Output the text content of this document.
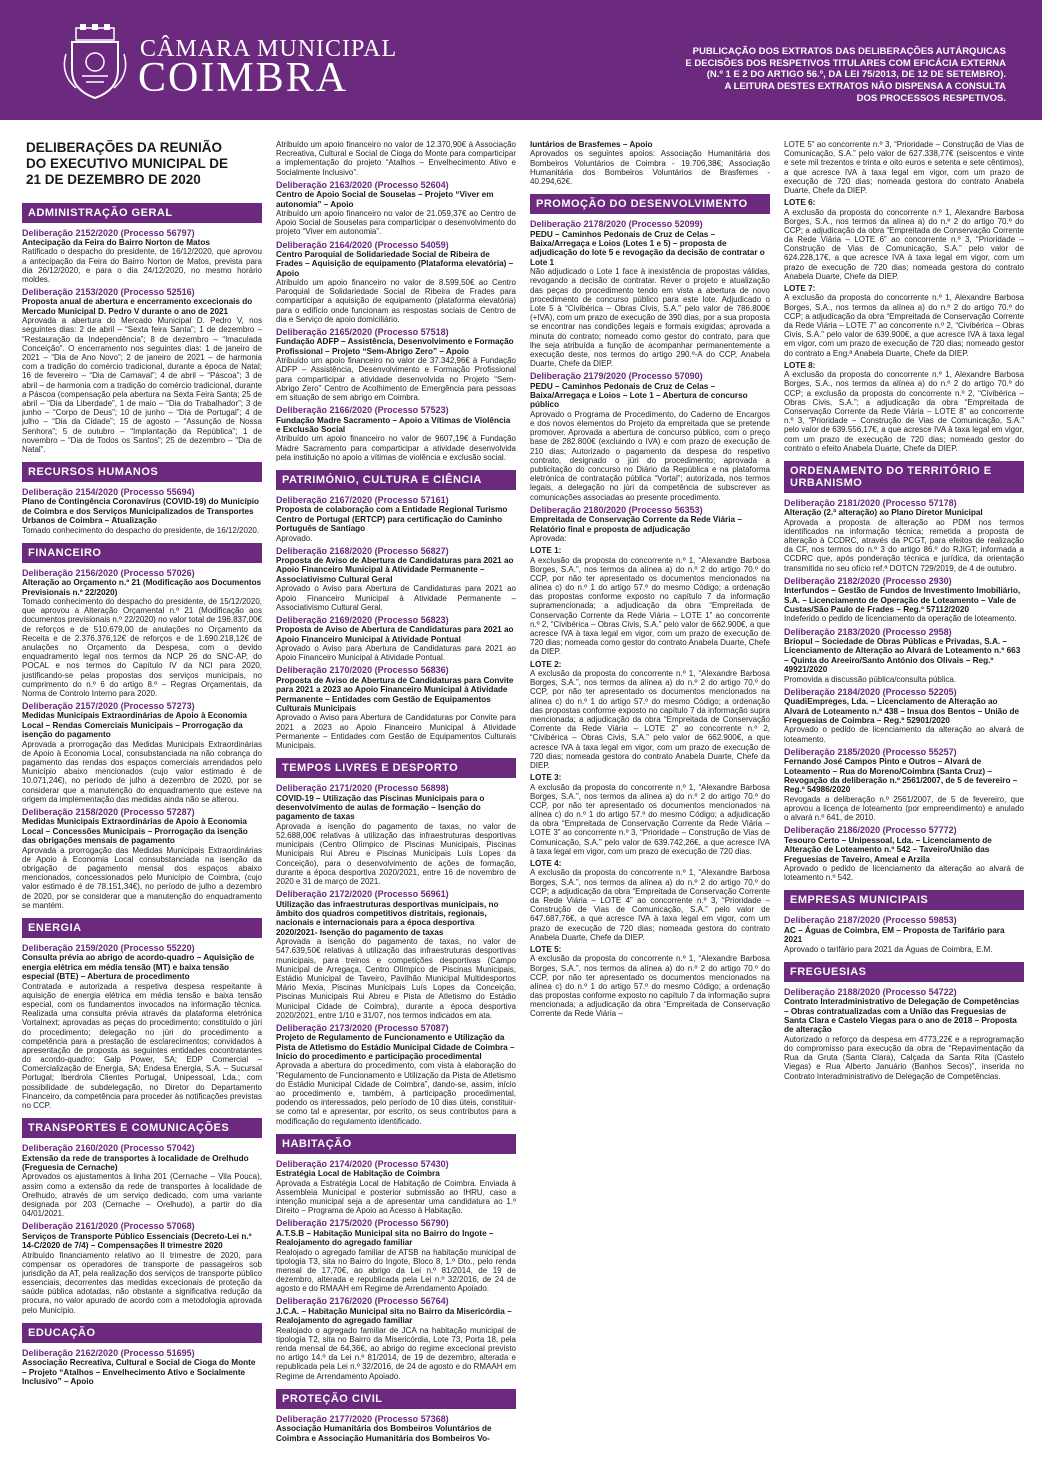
CÂMARA MUNICIPAL
COIMBRA
PUBLICAÇÃO DOS EXTRATOS DAS DELIBERAÇÕES AUTÁRQUICAS
E DECISÕES DOS RESPETIVOS TITULARES COM EFICÁCIA EXTERNA
(N.º 1 E 2 DO ARTIGO 56.º, DA LEI 75/2013, DE 12 DE SETEMBRO).
A LEITURA DESTES EXTRATOS NÃO DISPENSA A CONSULTA
DOS PROCESSOS RESPETIVOS.
DELIBERAÇÕES DA REUNIÃO
DO EXECUTIVO MUNICIPAL DE
21 DE DEZEMBRO DE 2020
ADMINISTRAÇÃO GERAL
Deliberação 2152/2020 (Processo 56797)
Antecipação da Feira do Bairro Norton de Matos
Ratificado o despacho do presidente, de 16/12/2020, que aprovou a antecipação da Feira do Bairro Norton de Matos, prevista para dia 26/12/2020, e para o dia 24/12/2020, no mesmo horário moldes.
Deliberação 2153/2020 (Processo 52516)
Proposta anual de abertura e encerramento excecionais do Mercado Municipal D. Pedro V durante o ano de 2021
Aprovada a abertura do Mercado Municipal D. Pedro V, nos seguintes dias: 2 de abril – “Sexta feira Santa”; 1 de dezembro – “Restauração da Independência”; 8 de dezembro – “Imaculada Conceição”. O encerramento nos seguintes dias: 1 de janeiro de 2021 – “Dia de Ano Novo”; 2 de janeiro de 2021 – de harmonia com a tradição do comércio tradicional, durante a época de Natal; 16 de fevereiro – “Dia de Carnaval”; 4 de abril – “Páscoa”; 3 de abril – de harmonia com a tradição do comércio tradicional, durante a Páscoa (compensação pela abertura na Sexta Feira Santa; 25 de abril – “Dia da Liberdade”, 1 de maio – “Dia do Trabalhador”; 3 de junho – “Corpo de Deus”; 10 de junho – “Dia de Portugal”; 4 de julho – “Dia da Cidade”; 15 de agosto – “Assunção de Nossa Senhora”; 5 de outubro – “Implantação da República”; 1 de novembro – “Dia de Todos os Santos”; 25 de dezembro – “Dia de Natal”.
RECURSOS HUMANOS
Deliberação 2154/2020 (Processo 55694)
Plano de Contingência Coronavírus (COVID-19) do Município de Coimbra e dos Serviços Municipalizados de Transportes Urbanos de Coimbra – Atualização
Tomado conhecimento do despacho do presidente, de 16/12/2020.
FINANCEIRO
Deliberação 2156/2020 (Processo 57026)
Alteração ao Orçamento n.º 21 (Modificação aos Documentos Previsionais n.º 22/2020)
Tomado conhecimento do despacho do presidente, de 15/12/2020, que aprovou a Alteração Orçamental n.º 21 (Modificação aos documentos previsionais n.º 22/2020) no valor total de 196.837,00€ de reforços e de 510.679,00 de anulações no Orçamento da Receita e de 2.376.376,12€ de reforços e de 1.690.218,12€ de anulações no Orçamento da Despesa, com o devido enquadramento legal nos termos da NCP 26 do SNC-AP, do POCAL e nos termos do Capítulo IV da NCI para 2020, justificando-se pelas propostas dos serviços municipais, no cumprimento do n.º 6 do artigo 8.º – Regras Orçamentais, da Norma de Controlo Interno para 2020.
Deliberação 2157/2020 (Processo 57273)
Medidas Municipais Extraordinárias de Apoio à Economia Local – Rendas Comerciais Municipais – Prorrogação da isenção do pagamento
Aprovada a prorrogação das Medidas Municipais Extraordinárias de Apoio à Economia Local, consubstanciada na não cobrança do pagamento das rendas dos espaços comerciais arrendados pelo Município abaixo mencionados (cujo valor estimado é de 10.071,24€), no período de julho a dezembro de 2020, por se considerar que a manutenção do enquadramento que esteve na origem da implementação das medidas ainda não se alterou.
Deliberação 2158/2020 (Processo 57287)
Medidas Municipais Extraordinárias de Apoio à Economia Local – Concessões Municipais – Prorrogação da isenção das obrigações mensais de pagamento
Aprovada a prorrogação das Medidas Municipais Extraordinárias de Apoio à Economia Local consubstanciada na isenção da obrigação de pagamento mensal dos espaços abaixo mencionados, concessionados pelo Município de Coimbra, (cujo valor estimado é de 78.151,34€), no período de julho a dezembro de 2020, por se considerar que a manutenção do enquadramento se mantém.
ENERGIA
Deliberação 2159/2020 (Processo 55220)
Consulta prévia ao abrigo de acordo-quadro – Aquisição de energia elétrica em média tensão (MT) e baixa tensão especial (BTE) – Abertura de procedimento
Contratada e autorizada a respetiva despesa respeitante à aquisição de energia elétrica em média tensão e baixa tensão especial, com os fundamentos invocados na informação técnica. Realizada uma consulta prévia através da plataforma eletrónica Vortalnext; aprovadas as peças do procedimento; constituído o júri do procedimento; delegação no júri do procedimento a competência para a prestação de esclarecimentos; convidados à apresentação de proposta as seguintes entidades cocontratantes do acordo-quadro: Galp Power, SA; EDP Comercial – Comercialização de Energia, SA; Endesa Energia, S.A. – Sucursal Portugal; Iberdrola Clientes Portugal, Unipessoal, Lda.; com possibilidade de subdelegação, no Diretor do Departamento Financeiro, da competência para proceder às notificações previstas no CCP.
TRANSPORTES E COMUNICAÇÕES
Deliberação 2160/2020 (Processo 57042)
Extensão da rede de transportes à localidade de Orelhudo (Freguesia de Cernache)
Aprovados os ajustamentos à linha 201 (Cernache – Vila Pouca), assim como a extensão da rede de transportes à localidade de Orelhudo, através de um serviço dedicado, com uma variante designada por 203 (Cernache – Orelhudo), a partir do dia 04/01/2021.
Deliberação 2161/2020 (Processo 57068)
Serviços de Transporte Público Essenciais (Decreto-Lei n.º 14-C/2020 de 7/4) – Compensações II trimestre 2020
Atribuído financiamento relativo ao II trimestre de 2020, para compensar os operadores de transporte de passageiros sob jurisdição da AT, pela realização dos serviços de transporte público essenciais, decorrentes das medidas excecionais de proteção da saúde pública adotadas, não obstante a significativa redução da procura, no valor apurado de acordo com a metodologia aprovada pelo Município.
EDUCAÇÃO
Deliberação 2162/2020 (Processo 51695)
Associação Recreativa, Cultural e Social de Cioga do Monte – Projeto “Atalhos – Envelhecimento Ativo e Socialmente Inclusivo” – Apoio
Atribuído um apoio financeiro no valor de 12.370,90€ à Associação Recreativa, Cultural e Social de Cioga do Monte para comparticipar a implementação do projeto “Atalhos – Envelhecimento Ativo e Socialmente Inclusivo”.
Deliberação 2163/2020 (Processo 52604)
Centro de Apoio Social de Souselas – Projeto “Viver em autonomia” – Apoio
Atribuído um apoio financeiro no valor de 21.059,37€ ao Centro de Apoio Social de Souselas para comparticipar o desenvolvimento do projeto “Viver em autonomia”.
Deliberação 2164/2020 (Processo 54059)
Centro Paroquial de Solidariedade Social de Ribeira de Frades – Aquisição de equipamento (Plataforma elevatória) – Apoio
Atribuído um apoio financeiro no valor de 8.599,50€ ao Centro Paroquial de Solidariedade Social de Ribeira de Frades para comparticipar a aquisição de equipamento (plataforma elevatória) para o edifício onde funcionam as respostas sociais de Centro de dia e Serviço de apoio domiciliário.
Deliberação 2165/2020 (Processo 57518)
Fundação ADFP – Assistência, Desenvolvimento e Formação Profissional – Projeto “Sem-Abrigo Zero” – Apoio
Atribuído um apoio financeiro no valor de 37.342,96€ à Fundação ADFP – Assistência, Desenvolvimento e Formação Profissional para comparticipar a atividade desenvolvida no Projeto “Sem-Abrigo Zero” Centro de Acolhimento de Emergência para pessoas em situação de sem abrigo em Coimbra.
Deliberação 2166/2020 (Processo 57523)
Fundação Madre Sacramento – Apoio a Vítimas de Violência e Exclusão Social
Atribuído um apoio financeiro no valor de 9607,19€ à Fundação Madre Sacramento para comparticipar a atividade desenvolvida pela instituição no apoio a vítimas de violência e exclusão social.
PATRIMÓNIO, CULTURA E CIÊNCIA
Deliberação 2167/2020 (Processo 57161)
Proposta de colaboração com a Entidade Regional Turismo Centro de Portugal (ERTCP) para certificação do Caminho Português de Santiago
Aprovado.
Deliberação 2168/2020 (Processo 56827)
Proposta de Aviso de Abertura de Candidaturas para 2021 ao Apoio Financeiro Municipal à Atividade Permanente – Associativismo Cultural Geral
Aprovado o Aviso para Abertura de Candidaturas para 2021 ao Apoio Financeiro Municipal à Atividade Permanente – Associativismo Cultural Geral.
Deliberação 2169/2020 (Processo 56823)
Proposta de Aviso de Abertura de Candidaturas para 2021 ao Apoio Financeiro Municipal à Atividade Pontual
Aprovado o Aviso para Abertura de Candidaturas para 2021 ao Apoio Financeiro Municipal à Atividade Pontual.
Deliberação 2170/2020 (Processo 56836)
Proposta de Aviso de Abertura de Candidaturas para Convite para 2021 a 2023 ao Apoio Financeiro Municipal à Atividade Permanente – Entidades com Gestão de Equipamentos Culturais Municipais
Aprovado o Aviso para Abertura de Candidaturas por Convite para 2021 a 2023 ao Apoio Financeiro Municipal à Atividade Permanente – Entidades com Gestão de Equipamentos Culturais Municipais.
TEMPOS LIVRES E DESPORTO
Deliberação 2171/2020 (Processo 56898)
COVID-19 – Utilização das Piscinas Municipais para o desenvolvimento de aulas de formação – Isenção do pagamento de taxas
Aprovada a isenção do pagamento de taxas, no valor de 52.688,00€ relativas à utilização das infraestruturas desportivas municipais (Centro Olímpico de Piscinas Municipais, Piscinas Municipais Rui Abreu e Piscinas Municipais Luís Lopes da Conceição), para o desenvolvimento de ações de formação, durante a época desportiva 2020/2021, entre 16 de novembro de 2020 e 31 de março de 2021.
Deliberação 2172/2020 (Processo 56961)
Utilização das infraestruturas desportivas municipais, no âmbito dos quadros competitivos distritais, regionais, nacionais e internacionais para a época desportiva 2020/2021- Isenção do pagamento de taxas
Aprovada a isenção do pagamento de taxas, no valor de 547.639,50€ relativas à utilização das infraestruturas desportivas municipais, para treinos e competições desportivas (Campo Municipal de Arregaça, Centro Olímpico de Piscinas Municipais, Estádio Municipal de Taveiro, Pavilhão Municipal Multidesportos Mário Mexia, Piscinas Municipais Luís Lopes da Conceição, Piscinas Municipais Rui Abreu e Pista de Atletismo do Estádio Municipal Cidade de Coimbra), durante a época desportiva 2020/2021, entre 1/10 e 31/07, nos termos indicados em ata.
Deliberação 2173/2020 (Processo 57087)
Projeto de Regulamento de Funcionamento e Utilização da Pista de Atletismo do Estádio Municipal Cidade de Coimbra – Início do procedimento e participação procedimental
Aprovada a abertura do procedimento, com vista à elaboração do “Regulamento de Funcionamento e Utilização da Pista de Atletismo do Estádio Municipal Cidade de Coimbra”, dando-se, assim, início ao procedimento e, também, à participação procedimental, podendo os interessados, pelo período de 10 dias úteis, constituir-se como tal e apresentar, por escrito, os seus contributos para a modificação do regulamento identificado.
HABITAÇÃO
Deliberação 2174/2020 (Processo 57430)
Estratégia Local de Habitação de Coimbra
Aprovada a Estratégia Local de Habitação de Coimbra. Enviada à Assembleia Municipal e posterior submissão ao IHRU, caso a intenção municipal seja a de apresentar uma candidatura ao 1.º Direito – Programa de Apoio ao Acesso à Habitação.
Deliberação 2175/2020 (Processo 56790)
A.T.S.B – Habitação Municipal sita no Bairro do Ingote – Realojamento do agregado familiar
Realojado o agregado familiar de ATSB na habitação municipal de tipologia T3, sita no Bairro do Ingote, Bloco 8, 1.º Dto., pelo renda mensal de 17,70€, ao abrigo da Lei n.º 81/2014, de 19 de dezembro, alterada e republicada pela Lei n.º 32/2016, de 24 de agosto e do RMAAH em Regime de Arrendamento Apoiado.
Deliberação 2176/2020 (Processo 56764)
J.C.A. – Habitação Municipal sita no Bairro da Misericórdia – Realojamento do agregado familiar
Realojado o agregado familiar de JCA na habitação municipal de tipologia T2, sita no Bairro da Misericórdia, Lote 73, Porta 18, pela renda mensal de 64,36€, ao abrigo do regime excecional previsto no artigo 14.º da Lei n.º 81/2014, de 19 de dezembro, alterada e republicada pela Lei n.º 32/2016, de 24 de agosto e do RMAAH em Regime de Arrendamento Apoiado.
PROTEÇÃO CIVIL
Deliberação 2177/2020 (Processo 57368)
Associação Humanitária dos Bombeiros Voluntários de Coimbra e Associação Humanitária dos Bombeiros Vo-
luntários de Brasfemes – Apoio
Aprovados os seguintes apoios: Associação Humanitária dos Bombeiros Voluntários de Coimbra - 19.706,38€; Associação Humanitária dos Bombeiros Voluntários de Brasfemes - 40.294,62€.
PROMOÇÃO DO DESENVOLVIMENTO
Deliberação 2178/2020 (Processo 52099)
PEDU – Caminhos Pedonais de Cruz de Celas – Baixa/Arregaça e Loios (Lotes 1 e 5) – proposta de adjudicação do lote 5 e revogação da decisão de contratar o Lote 1
Não adjudicado o Lote 1 face à inexistência de propostas válidas, revogando a decisão de contratar. Rever o projeto e atualização das peças do procedimento tendo em vista a abertura de novo procedimento de concurso público para este lote. Adjudicado o Lote 5 à “Civibérica – Obras Civis, S.A.” pelo valor de 786.800€ (+IVA), com um prazo de execução de 390 dias, por a sua proposta se encontrar nas condições legais e formais exigidas; aprovada a minuta do contrato; nomeado como gestor do contrato, para que lhe seja atribuída a função de acompanhar permanentemente a execução deste, nos termos do artigo 290.º-A do CCP, Anabela Duarte, Chefe da DIEP.
Deliberação 2179/2020 (Processo 57090)
PEDU – Caminhos Pedonais de Cruz de Celas – Baixa/Arregaça e Loios – Lote 1 – Abertura de concurso público
Aprovado o Programa de Procedimento, do Caderno de Encargos e dos novos elementos do Projeto da empreitada que se pretende promover. Aprovada a abertura de concurso público, com o preço base de 282.800€ (excluindo o IVA) e com prazo de execução de 210 dias; Autorizado o pagamento da despesa do respetivo contrato, designado o júri do procedimento; aprovada a publicitação do concurso no Diário da República e na plataforma eletrónica de contratação pública “Vortal”; autorizada, nos termos legais, a delegação no júri da competência de subscrever as comunicações associadas ao presente procedimento.
Deliberação 2180/2020 (Processo 56353)
Empreitada de Conservação Corrente da Rede Viária – Relatório final e proposta de adjudicação
Aprovada:
LOTE 1:
A exclusão da proposta do concorrente n.º 1, “Alexandre Barbosa Borges, S.A.”, nos termos da alínea a) do n.º 2 do artigo 70.º do CCP, por não ter apresentado os documentos mencionados na alínea c) do n.º 1 do artigo 57.º do mesmo Código; a ordenação das propostas conforme exposto no capítulo 7 da informação supramencionada; a adjudicação da obra “Empreitada de Conservação Corrente da Rede Viária – LOTE 1” ao concorrente n.º 2, “Civibérica – Obras Civis, S.A.” pelo valor de 662.900€, a que acresce IVA à taxa legal em vigor, com um prazo de execução de 720 dias; nomeada como gestor do contrato Anabela Duarte, Chefe da DIEP.
LOTE 2:
A exclusão da proposta do concorrente n.º 1, “Alexandre Barbosa Borges, S.A.”, nos termos da alínea a) do n.º 2 do artigo 70.º do CCP, por não ter apresentado os documentos mencionados na alínea c) do n.º 1 do artigo 57.º do mesmo Código; a ordenação das propostas conforme exposto no capítulo 7 da informação supra mencionada; a adjudicação da obra “Empreitada de Conservação Corrente da Rede Viária – LOTE 2” ao concorrente n.º 2, “Civibérica – Obras Civis, S.A.” pelo valor de 662.900€, a que acresce IVA à taxa legal em vigor, com um prazo de execução de 720 dias; nomeada gestora do contrato Anabela Duarte, Chefe da DIEP.
LOTE 3:
A exclusão da proposta do concorrente n.º 1, “Alexandre Barbosa Borges, S.A.”, nos termos da alínea a) do n.º 2 do artigo 70.º do CCP, por não ter apresentado os documentos mencionados na alínea c) do n.º 1 do artigo 57.º do mesmo Código; a adjudicação da obra “Empreitada de Conservação Corrente da Rede Viária – LOTE 3” ao concorrente n.º 3, “Prioridade – Construção de Vias de Comunicação, S.A.” pelo valor de 639.742,26€, a que acresce IVA à taxa legal em vigor, com um prazo de execução de 720 dias.
LOTE 4:
A exclusão da proposta do concorrente n.º 1, “Alexandre Barbosa Borges, S.A.”, nos termos da alínea a) do n.º 2 do artigo 70.º do CCP; a adjudicação da obra “Empreitada de Conservação Corrente da Rede Viária – LOTE 4” ao concorrente n.º 3, “Prioridade – Construção de Vias de Comunicação, S.A.” pelo valor de 647.687,76€, a que acresce IVA à taxa legal em vigor, com um prazo de execução de 720 dias; nomeada gestora do contrato Anabela Duarte, Chefe da DIEP.
LOTE 5:
A exclusão da proposta do concorrente n.º 1, “Alexandre Barbosa Borges, S.A.”, nos termos da alínea a) do n.º 2 do artigo 70.º do CCP, por não ter apresentado os documentos mencionados na alínea c) do n.º 1 do artigo 57.º do mesmo Código; a ordenação das propostas conforme exposto no capítulo 7 da informação supra mencionada; a adjudicação da obra “Empreitada de Conservação Corrente da Rede Viária –
LOTE 5” ao concorrente n.º 3, “Prioridade – Construção de Vias de Comunicação, S.A.” pelo valor de 627.338,77€ (seiscentos e vinte e sete mil trezentos e trinta e oito euros e setenta e sete cêntimos), a que acresce IVA à taxa legal em vigor, com um prazo de execução de 720 dias; nomeada gestora do contrato Anabela Duarte, Chefe da DIEP.
LOTE 6:
A exclusão da proposta do concorrente n.º 1, Alexandre Barbosa Borges, S.A., nos termos da alínea a) do n.º 2 do artigo 70.º do CCP; a adjudicação da obra “Empreitada de Conservação Corrente da Rede Viária – LOTE 6” ao concorrente n.º 3, “Prioridade – Construção de Vias de Comunicação, S.A.” pelo valor de 624.228,17€, a que acresce IVA à taxa legal em vigor, com um prazo de execução de 720 dias; nomeada gestora do contrato Anabela Duarte, Chefe da DIEP.
LOTE 7:
A exclusão da proposta do concorrente n.º 1, Alexandre Barbosa Borges, S.A., nos termos da alínea a) do n.º 2 do artigo 70.º do CCP; a adjudicação da obra “Empreitada de Conservação Corrente da Rede Viária – LOTE 7” ao concorrente n.º 2, “Civibérica – Obras Civis, S.A.” pelo valor de 639.900€, a que acresce IVA à taxa legal em vigor, com um prazo de execução de 720 dias; nomeado gestor do contrato a Eng.ª Anabela Duarte, Chefe da DIEP.
LOTE 8:
A exclusão da proposta do concorrente n.º 1, Alexandre Barbosa Borges, S.A., nos termos da alínea a) do n.º 2 do artigo 70.º do CCP; a exclusão da proposta do concorrente n.º 2, “Civibérica – Obras Civis, S.A.”; a adjudicação da obra “Empreitada de Conservação Corrente da Rede Viária – LOTE 8” ao concorrente n.º 3, “Prioridade – Construção de Vias de Comunicação, S.A.” pelo valor de 639.556,17€, a que acresce IVA à taxa legal em vigor, com um prazo de execução de 720 dias; nomeado gestor do contrato o efeito Anabela Duarte, Chefe da DIEP.
ORDENAMENTO DO TERRITÓRIO E URBANISMO
Deliberação 2181/2020 (Processo 57178)
Alteração (2.ª alteração) ao Plano Diretor Municipal
Aprovada a proposta de alteração ao PDM nos termos identificados na informação técnica; remetida a proposta de alteração à CCDRC, através da PCGT, para efeitos de realização da CF, nos termos do n.º 3 do artigo 86.º do RJIGT; informada a CCDRC que, após ponderação técnica e jurídica, da orientação transmitida no seu ofício ref.ª DOTCN 729/2019, de 4 de outubro.
Deliberação 2182/2020 (Processo 2930)
Interfundos – Gestão de Fundos de Investimento Imobiliário, S.A. – Licenciamento de Operação de Loteamento – Vale de Custas/São Paulo de Frades – Reg.º 57112/2020
Indeferido o pedido de licenciamento da operação de loteamento.
Deliberação 2183/2020 (Processo 2958)
Briopul – Sociedade de Obras Públicas e Privadas, S.A. – Licenciamento de Alteração ao Alvará de Loteamento n.º 663 – Quinta do Areeiro/Santo António dos Olivais – Reg.º 49921/2020
Promovida a discussão pública/consulta pública.
Deliberação 2184/2020 (Processo 52205)
QuadiEmpreges, Lda. – Licenciamento de Alteração ao Alvará de Loteamento n.º 438 – Insua dos Bentos – União de Freguesias de Coimbra – Reg.º 52901/2020
Aprovado o pedido de licenciamento da alteração ao alvará de loteamento.
Deliberação 2185/2020 (Processo 55257)
Fernando José Campos Pinto e Outros – Alvará de Loteamento – Rua do Moreno/Coimbra (Santa Cruz) – Revogação da deliberação n.º 2561/2007, de 5 de fevereiro – Reg.º 54986/2020
Revogada a deliberação n.º 2561/2007, de 5 de fevereiro, que aprovou a licença de loteamento (por empreendimento) e anulado o alvará n.º 641, de 2010.
Deliberação 2186/2020 (Processo 57772)
Tesouro Certo – Unipessoal, Lda. – Licenciamento de Alteração de Loteamento n.º 542 – Taveiro/União das Freguesias de Taveiro, Ameal e Arzila
Aprovado o pedido de licenciamento da alteração ao alvará de loteamento n.º 542.
EMPRESAS MUNICIPAIS
Deliberação 2187/2020 (Processo 59853)
AC – Águas de Coimbra, EM – Proposta de Tarifário para 2021
Aprovado o tarifário para 2021 da Águas de Coimbra, E.M.
FREGUESIAS
Deliberação 2188/2020 (Processo 54722)
Contrato Interadministrativo de Delegação de Competências – Obras contratualizadas com a União das Freguesias de Santa Clara e Castelo Viegas para o ano de 2018 – Proposta de alteração
Autorizado o reforço da despesa em 4773,22€ e a reprogramação do compromisso para execução da obra de “Repavimentação da Rua da Gruta (Santa Clara), Calçada da Santa Rita (Castelo Viegas) e Rua Alberto Januário (Banhos Secos)”, inserida no Contrato Interadministrativo de Delegação de Competências.
